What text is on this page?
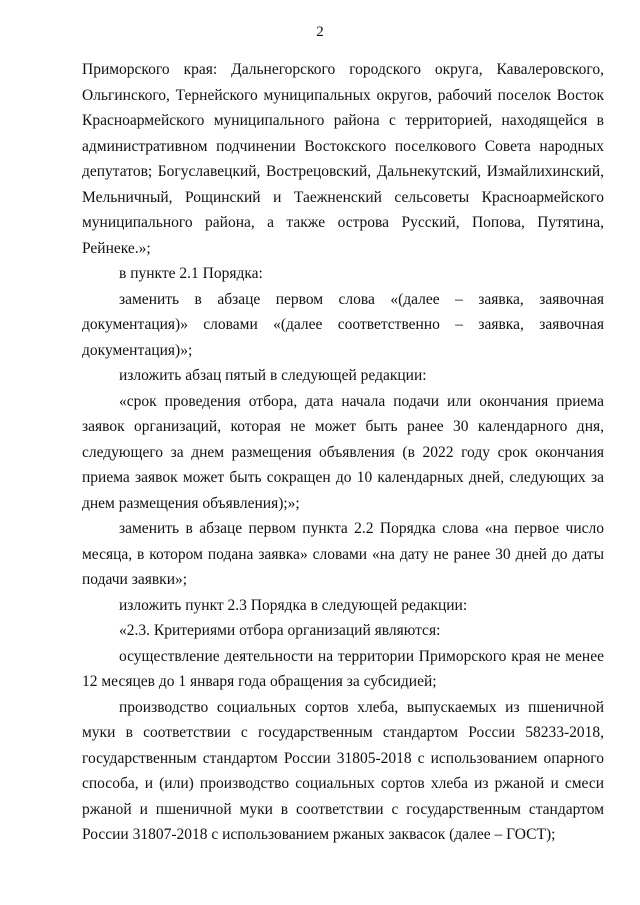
2

Приморского края: Дальнегорского городского округа, Кавалеровского, Ольгинского, Тернейского муниципальных округов, рабочий поселок Восток Красноармейского муниципального района с территорией, находящейся в административном подчинении Востокского поселкового Совета народных депутатов; Богуславецкий, Вострецовский, Дальнекутский, Измайлихинский, Мельничный, Рощинский и Таежненский сельсоветы Красноармейского муниципального района, а также острова Русский, Попова, Путятина, Рейнеке.»;

в пункте 2.1 Порядка:

заменить в абзаце первом слова «(далее – заявка, заявочная документация)» словами «(далее соответственно – заявка, заявочная документация)»;

изложить абзац пятый в следующей редакции:

«срок проведения отбора, дата начала подачи или окончания приема заявок организаций, которая не может быть ранее 30 календарного дня, следующего за днем размещения объявления (в 2022 году срок окончания приема заявок может быть сокращен до 10 календарных дней, следующих за днем размещения объявления);»;

заменить в абзаце первом пункта 2.2 Порядка слова «на первое число месяца, в котором подана заявка» словами «на дату не ранее 30 дней до даты подачи заявки»;

изложить пункт 2.3 Порядка в следующей редакции:

«2.3. Критериями отбора организаций являются:

осуществление деятельности на территории Приморского края не менее 12 месяцев до 1 января года обращения за субсидией;

производство социальных сортов хлеба, выпускаемых из пшеничной муки в соответствии с государственным стандартом России 58233-2018, государственным стандартом России 31805-2018 с использованием опарного способа, и (или) производство социальных сортов хлеба из ржаной и смеси ржаной и пшеничной муки в соответствии с государственным стандартом России 31807-2018 с использованием ржаных заквасок (далее – ГОСТ);
